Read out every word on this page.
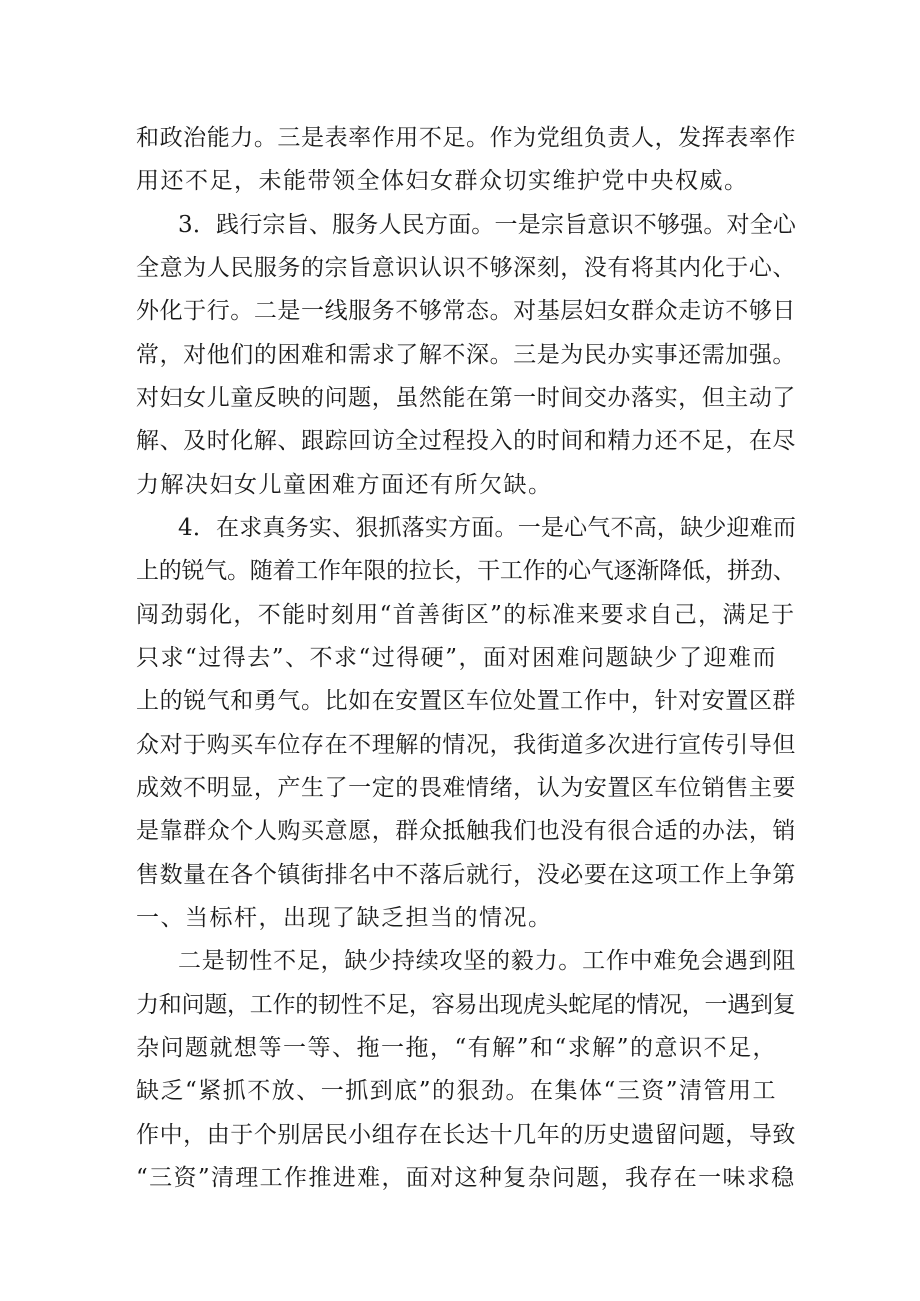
和政治能力。三是表率作用不足。作为党组负责人，发挥表率作
用还不足，未能带领全体妇女群众切实维护党中央权威。
3．践行宗旨、服务人民方面。一是宗旨意识不够强。对全心
全意为人民服务的宗旨意识认识不够深刻，没有将其内化于心、
外化于行。二是一线服务不够常态。对基层妇女群众走访不够日
常，对他们的困难和需求了解不深。三是为民办实事还需加强。
对妇女儿童反映的问题，虽然能在第一时间交办落实，但主动了
解、及时化解、跟踪回访全过程投入的时间和精力还不足，在尽
力解决妇女儿童困难方面还有所欠缺。
4．在求真务实、狠抓落实方面。一是心气不高，缺少迎难而
上的锐气。随着工作年限的拉长，干工作的心气逐渐降低，拼劲、
闯劲弱化，不能时刻用“首善街区”的标准来要求自己，满足于
只求“过得去”、不求“过得硬”，面对困难问题缺少了迎难而
上的锐气和勇气。比如在安置区车位处置工作中，针对安置区群
众对于购买车位存在不理解的情况，我街道多次进行宣传引导但
成效不明显，产生了一定的畏难情绪，认为安置区车位销售主要
是靠群众个人购买意愿，群众抵触我们也没有很合适的办法，销
售数量在各个镇街排名中不落后就行，没必要在这项工作上争第
一、当标杆，出现了缺乏担当的情况。
二是韧性不足，缺少持续攻坚的毅力。工作中难免会遇到阻
力和问题，工作的韧性不足，容易出现虎头蛇尾的情况，一遇到复
杂问题就想等一等、拖一拖，“有解”和“求解”的意识不足，
缺乏“紧抓不放、一抓到底”的狠劲。在集体“三资”清管用工
作中，由于个别居民小组存在长达十几年的历史遗留问题，导致
“三资”清理工作推进难，面对这种复杂问题，我存在一味求稳
